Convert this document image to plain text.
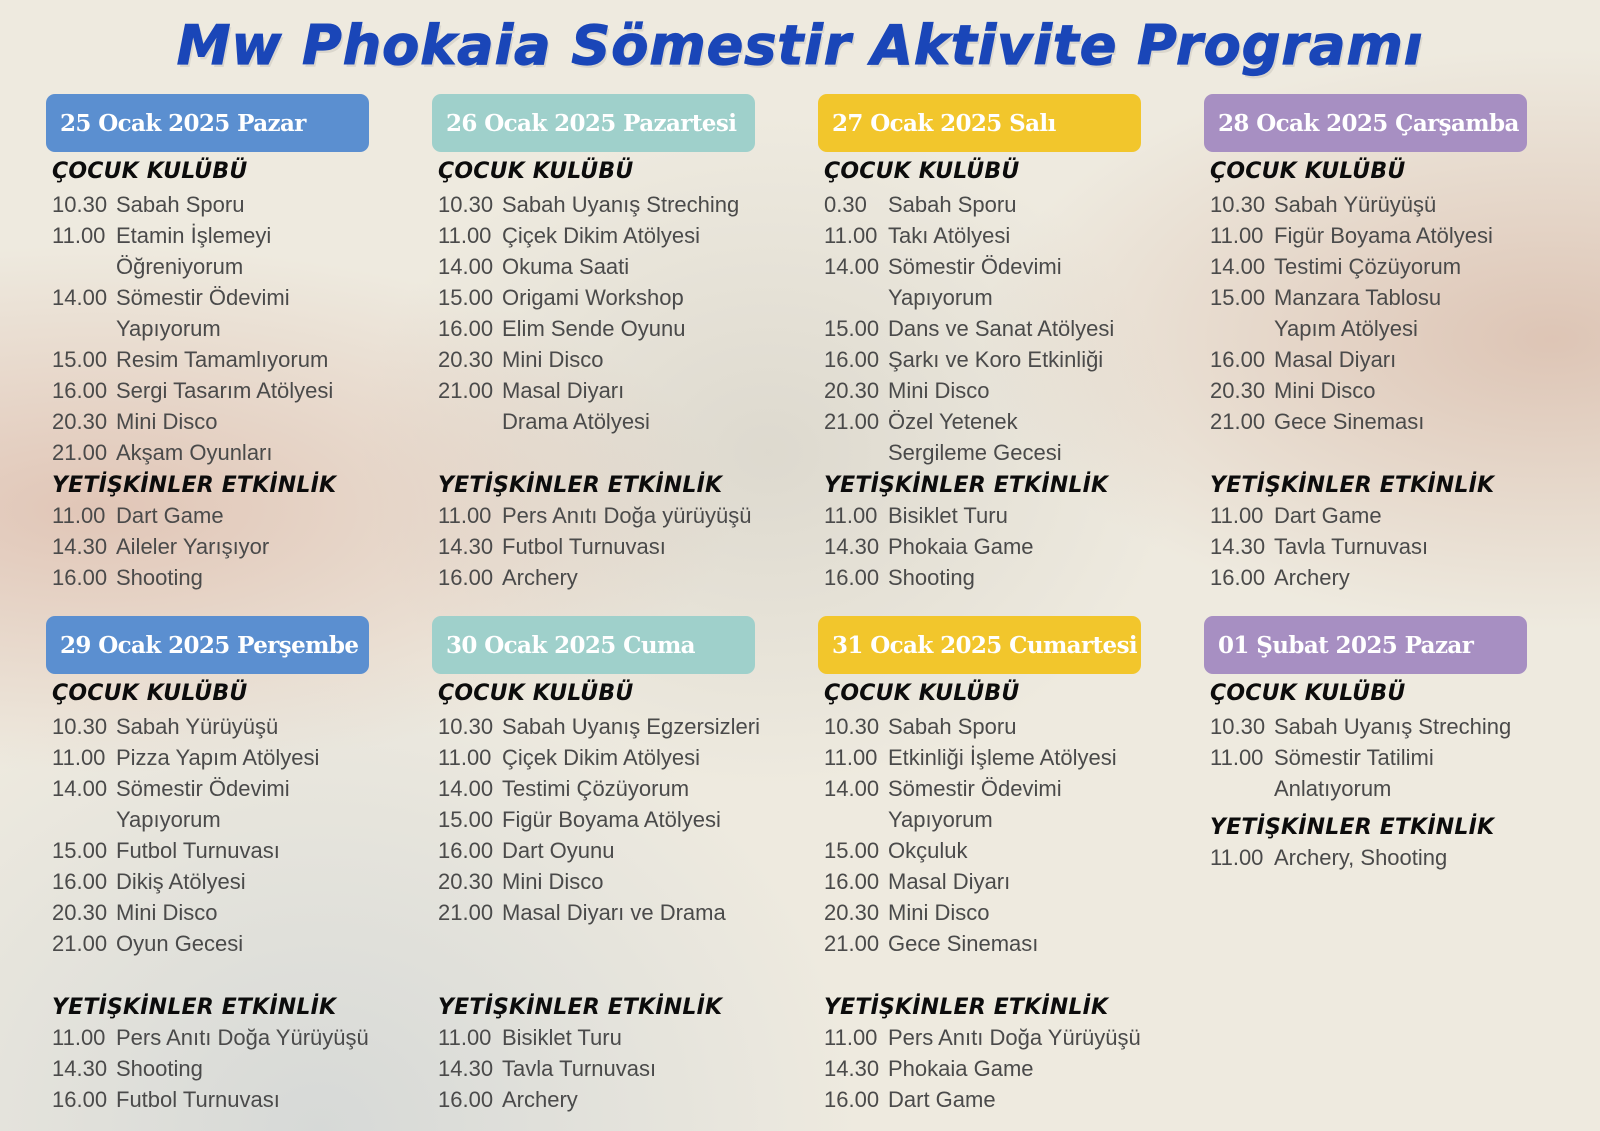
Mw Phokaia Sömestir Aktivite Programı
25 Ocak 2025 Pazar
ÇOCUK KULÜBÜ
10.30 Sabah Sporu
11.00 Etamin İşlemeyi
Öğreniyorum
14.00 Sömestir Ödevimi
Yapıyorum
15.00 Resim Tamamlıyorum
16.00 Sergi Tasarım Atölyesi
20.30 Mini Disco
21.00 Akşam Oyunları
YETİŞKİNLER ETKİNLİK
11.00 Dart Game
14.30 Aileler Yarışıyor
16.00 Shooting
26 Ocak 2025 Pazartesi
ÇOCUK KULÜBÜ
10.30 Sabah Uyanış Streching
11.00 Çiçek Dikim Atölyesi
14.00 Okuma Saati
15.00 Origami Workshop
16.00 Elim Sende Oyunu
20.30 Mini Disco
21.00 Masal Diyarı
Drama Atölyesi
YETİŞKİNLER ETKİNLİK
11.00 Pers Anıtı Doğa yürüyüşü
14.30 Futbol Turnuvası
16.00 Archery
27 Ocak 2025 Salı
ÇOCUK KULÜBÜ
0.30 Sabah Sporu
11.00 Takı Atölyesi
14.00 Sömestir Ödevimi
Yapıyorum
15.00 Dans ve Sanat Atölyesi
16.00 Şarkı ve Koro Etkinliği
20.30 Mini Disco
21.00 Özel Yetenek
Sergileme Gecesi
YETİŞKİNLER ETKİNLİK
11.00 Bisiklet Turu
14.30 Phokaia Game
16.00 Shooting
28 Ocak 2025 Çarşamba
ÇOCUK KULÜBÜ
10.30 Sabah Yürüyüşü
11.00 Figür Boyama Atölyesi
14.00 Testimi Çözüyorum
15.00 Manzara Tablosu
Yapım Atölyesi
16.00 Masal Diyarı
20.30 Mini Disco
21.00 Gece Sineması
YETİŞKİNLER ETKİNLİK
11.00 Dart Game
14.30 Tavla Turnuvası
16.00 Archery
29 Ocak 2025 Perşembe
ÇOCUK KULÜBÜ
10.30 Sabah Yürüyüşü
11.00 Pizza Yapım Atölyesi
14.00 Sömestir Ödevimi
Yapıyorum
15.00 Futbol Turnuvası
16.00 Dikiş Atölyesi
20.30 Mini Disco
21.00 Oyun Gecesi
YETİŞKİNLER ETKİNLİK
11.00 Pers Anıtı Doğa Yürüyüşü
14.30 Shooting
16.00 Futbol Turnuvası
30 Ocak 2025 Cuma
ÇOCUK KULÜBÜ
10.30 Sabah Uyanış Egzersizleri
11.00 Çiçek Dikim Atölyesi
14.00 Testimi Çözüyorum
15.00 Figür Boyama Atölyesi
16.00 Dart Oyunu
20.30 Mini Disco
21.00 Masal Diyarı ve Drama
YETİŞKİNLER ETKİNLİK
11.00 Bisiklet Turu
14.30 Tavla Turnuvası
16.00 Archery
31 Ocak 2025 Cumartesi
ÇOCUK KULÜBÜ
10.30 Sabah Sporu
11.00 Etkinliği İşleme Atölyesi
14.00 Sömestir Ödevimi
Yapıyorum
15.00 Okçuluk
16.00 Masal Diyarı
20.30 Mini Disco
21.00 Gece Sineması
YETİŞKİNLER ETKİNLİK
11.00 Pers Anıtı Doğa Yürüyüşü
14.30 Phokaia Game
16.00 Dart Game
01 Şubat 2025 Pazar
ÇOCUK KULÜBÜ
10.30 Sabah Uyanış Streching
11.00 Sömestir Tatilimi
Anlatıyorum
YETİŞKİNLER ETKİNLİK
11.00 Archery, Shooting
